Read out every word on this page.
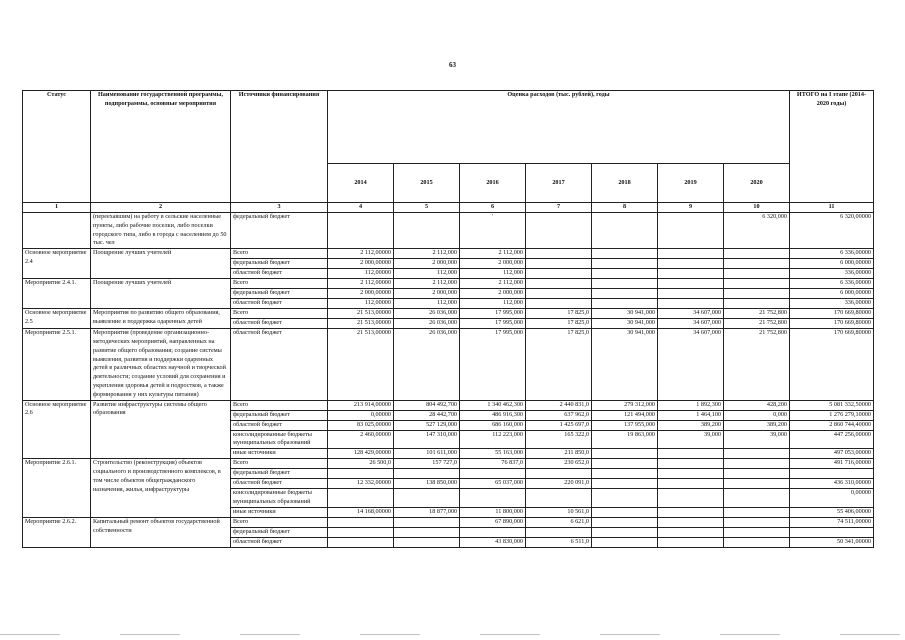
63
Статус	Наименование государственной программы, подпрограммы, основные мероприятия	Источники финансирования	Оценка расходов (тыс. рублей), годы							ИТОГО на I этапе (2014-2020 годы)
			2014	2015	2016	2017	2018	2019	2020	
1	2	3	4	5	6	7	8	9	10	11
	(переехавшим) на работу в сельские населенные пункты, либо рабочие поселки, либо поселки городского типа, либо в города с населением до 50 тыс. чел	федеральный бюджет			'				6 320,000	6 320,00000
Основное мероприятие 2.4	Поощрение лучших учителей	Всего	2 112,00000	2 112,000	2 112,000					6 336,00000
		федеральный бюджет	2 000,00000	2 000,000	2 000,000					6 000,00000
		областной бюджет	112,00000	112,000	112,000					336,00000
Мероприятие 2.4.1.	Поощрение лучших учителей	Всего	2 112,00000	2 112,000	2 112,000					6 336,00000
		федеральный бюджет	2 000,00000	2 000,000	2 000,000					6 000,00000
		областной бюджет	112,00000	112,000	112,000					336,00000
Основное мероприятие 2.5	Мероприятия по развитию общего образования, выявление и поддержка одаренных детей	Всего	21 513,00000	26 036,000	17 995,000	17 825,0	30 941,000	34 607,000	21 752,800	170 669,80000
		областной бюджет	21 513,00000	26 036,000	17 995,000	17 825,0	30 941,000	34 607,000	21 752,800	170 669,80000
Мероприятие 2.5.1.	Мероприятия (проведение организационно-методических мероприятий, направленных на развитие общего образования; создание системы выявления, развития и поддержки одаренных детей в различных областях научной и творческой деятельности; создание условий для сохранения и укрепления здоровья детей и подростков, а также формирования у них культуры питания)	областной бюджет	21 513,00000	26 036,000	17 995,000	17 825,0	30 941,000	34 607,000	21 752,800	170 669,80000
Основное мероприятие 2.6	Развитие инфраструктуры системы общего образования	Всего	213 914,00000	804 492,700	1 340 462,300	2 440 831,0	279 312,000	1 892,300	428,200	5 081 332,50000
		федеральный бюджет	0,00000	28 442,700	486 916,300	637 962,0	121 494,000	1 464,100	0,000	1 276 279,10000
		областной бюджет	83 025,00000	527 129,000	686 160,000	1 425 697,0	137 955,000	389,200	389,200	2 860 744,40000
		консолидированные бюджеты муниципальных образований	2 460,00000	147 310,000	112 223,000	165 322,0	19 863,000	39,000	39,000	447 256,00000
		иные источники	128 429,00000	101 611,000	55 163,000	211 850,0				497 053,00000
Мероприятие 2.6.1.	Строительство (реконструкция) объектов социального и производственного комплексов, в том числе объектов общегражданского назначения, жилья, инфраструктуры	Всего	26 500,0	157 727,0	76 837,0	230 652,0				491 716,00000
		федеральный бюджет								
		областной бюджет	12 332,00000	138 850,000	65 037,000	220 091,0				436 310,00000
		консолидированные бюджеты муниципальных образований								0,00000
		иные источники	14 168,00000	18 877,000	11 800,000	10 561,0				55 406,00000
Мероприятие 2.6.2.	Капитальный ремонт объектов государственной собственности	Всего			67 890,000	6 621,0				74 511,00000
		федеральный бюджет								
		областной бюджет			43 830,000	6 511,0				50 341,00000
